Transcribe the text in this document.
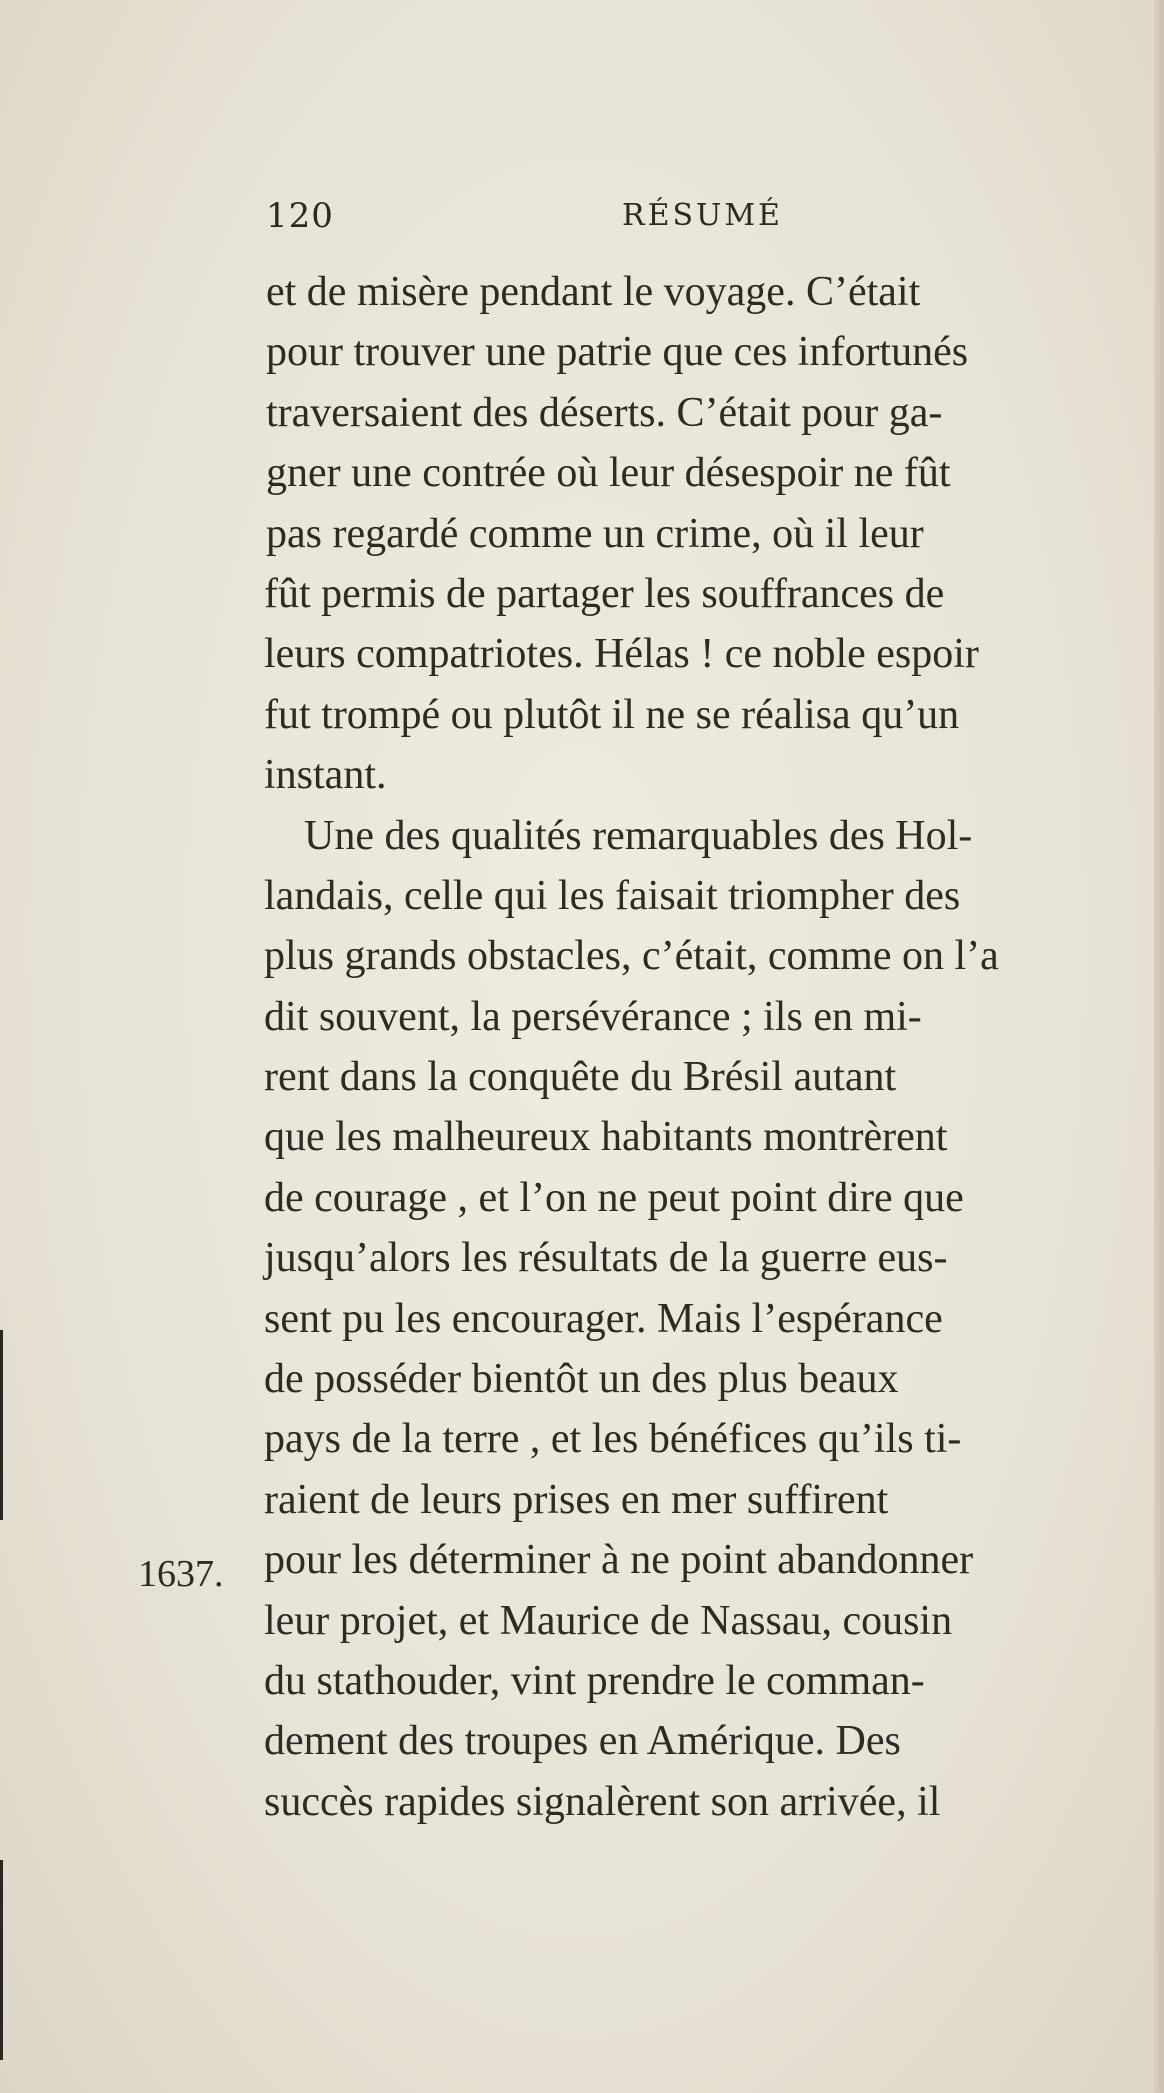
120	RÉSUMÉ
1637.
et de misère pendant le voyage. C’était
pour trouver une patrie que ces infortunés
traversaient des déserts. C’était pour ga-
gner une contrée où leur désespoir ne fût
pas regardé comme un crime, où il leur
fût permis de partager les souffrances de
leurs compatriotes. Hélas ! ce noble espoir
fut trompé ou plutôt il ne se réalisa qu’un
instant.
Une des qualités remarquables des Hol-
landais, celle qui les faisait triompher des
plus grands obstacles, c’était, comme on l’a
dit souvent, la persévérance ; ils en mi-
rent dans la conquête du Brésil autant
que les malheureux habitants montrèrent
de courage , et l’on ne peut point dire que
jusqu’alors les résultats de la guerre eus-
sent pu les encourager. Mais l’espérance
de posséder bientôt un des plus beaux
pays de la terre , et les bénéfices qu’ils ti-
raient de leurs prises en mer suffirent
pour les déterminer à ne point abandonner
leur projet, et Maurice de Nassau, cousin
du stathouder, vint prendre le comman-
dement des troupes en Amérique. Des
succès rapides signalèrent son arrivée, il
